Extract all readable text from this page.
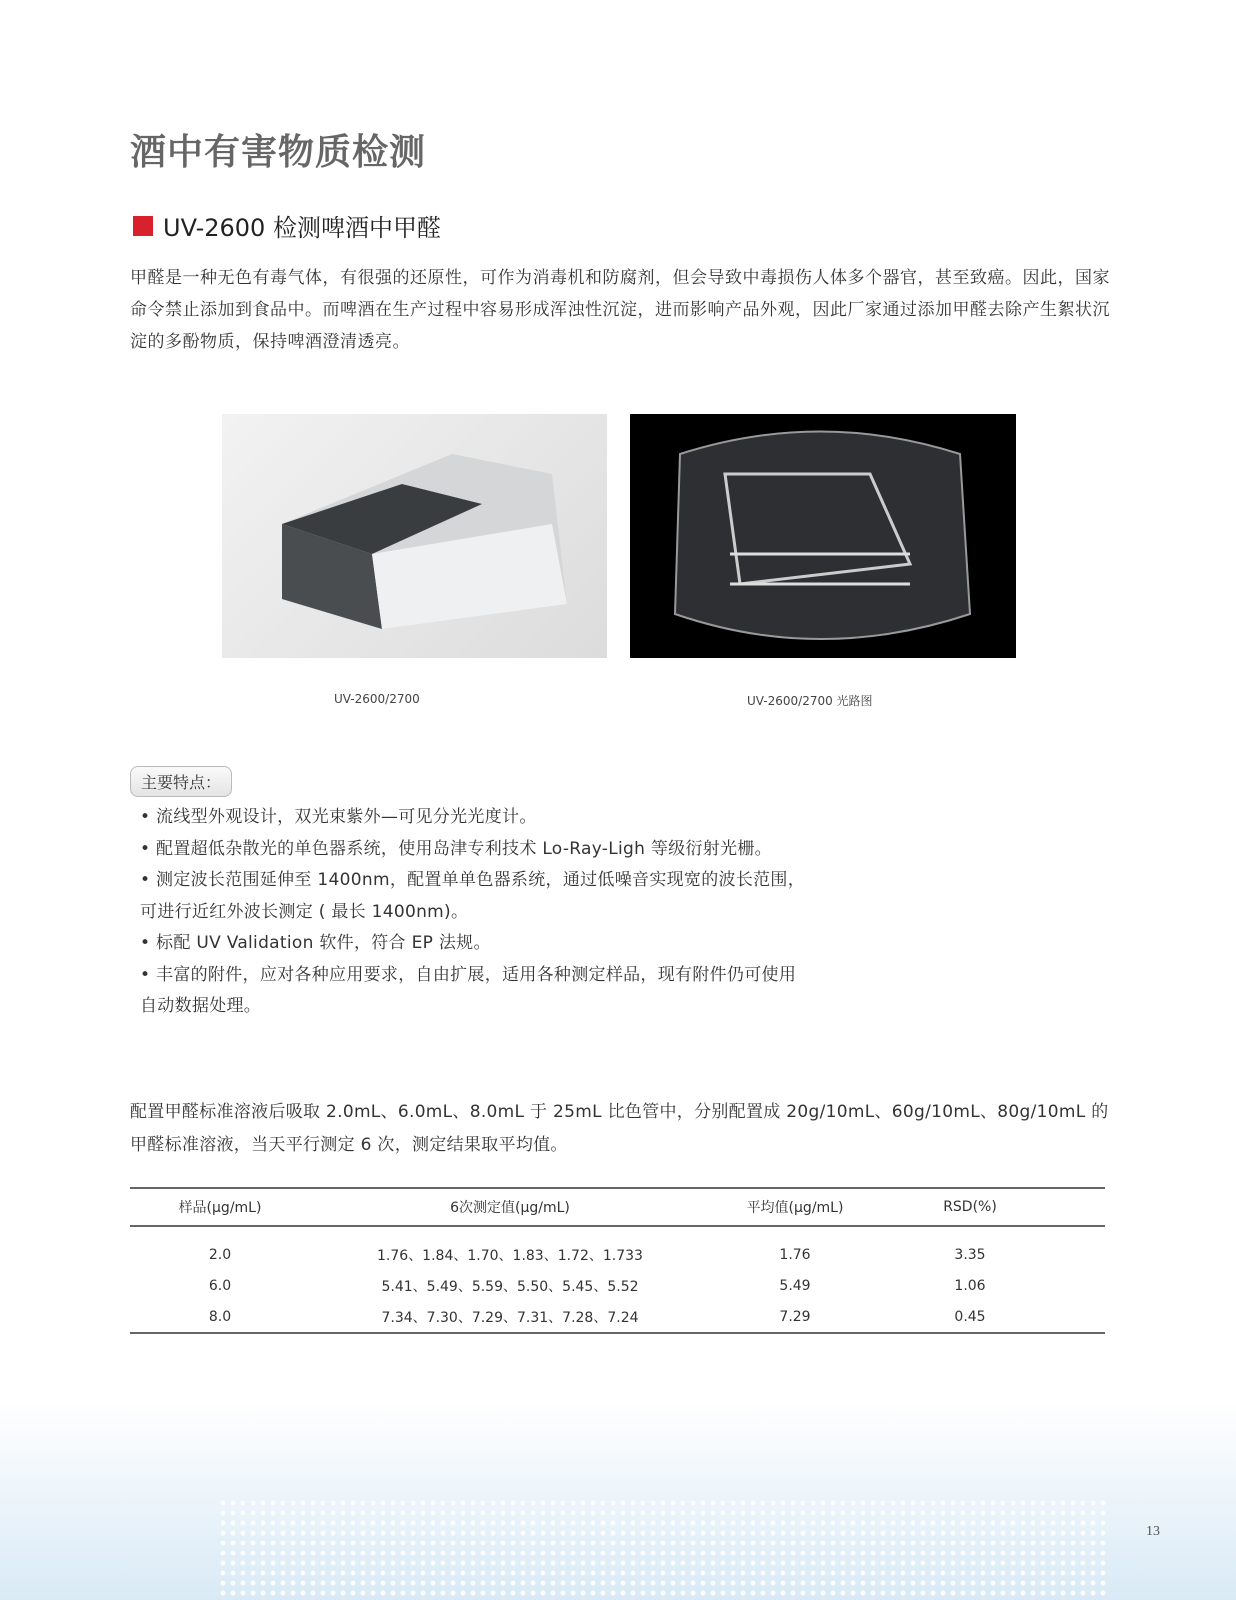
酒中有害物质检测
UV-2600 检测啤酒中甲醛

甲醛是一种无色有毒气体，有很强的还原性，可作为消毒机和防腐剂，但会导致中毒损伤人体多个器官，甚至致癌。因此，国家命令禁止添加到食品中。而啤酒在生产过程中容易形成浑浊性沉淀，进而影响产品外观，因此厂家通过添加甲醛去除产生絮状沉淀的多酚物质，保持啤酒澄清透亮。

UV-2600/2700	UV-2600/2700 光路图
主要特点：
• 流线型外观设计，双光束紫外—可见分光光度计。
• 配置超低杂散光的单色器系统，使用岛津专利技术 Lo-Ray-Ligh 等级衍射光栅。
• 测定波长范围延伸至 1400nm，配置单单色器系统，通过低噪音实现宽的波长范围，
可进行近红外波长测定 ( 最长 1400nm)。
• 标配 UV Validation 软件，符合 EP 法规。
• 丰富的附件，应对各种应用要求，自由扩展，适用各种测定样品，现有附件仍可使用
自动数据处理。

配置甲醛标准溶液后吸取 2.0mL、6.0mL、8.0mL 于 25mL 比色管中，分别配置成 20g/10mL、60g/10mL、80g/10mL 的甲醛标准溶液，当天平行测定 6 次，测定结果取平均值。

样品(μg/mL)	6次测定值(μg/mL)	平均值(μg/mL)	RSD(%)	
2.0	1.76、1.84、1.70、1.83、1.72、1.733	1.76	3.35	
6.0	5.41、5.49、5.59、5.50、5.45、5.52	5.49	1.06	
8.0	7.34、7.30、7.29、7.31、7.28、7.24	7.29	0.45	
13
